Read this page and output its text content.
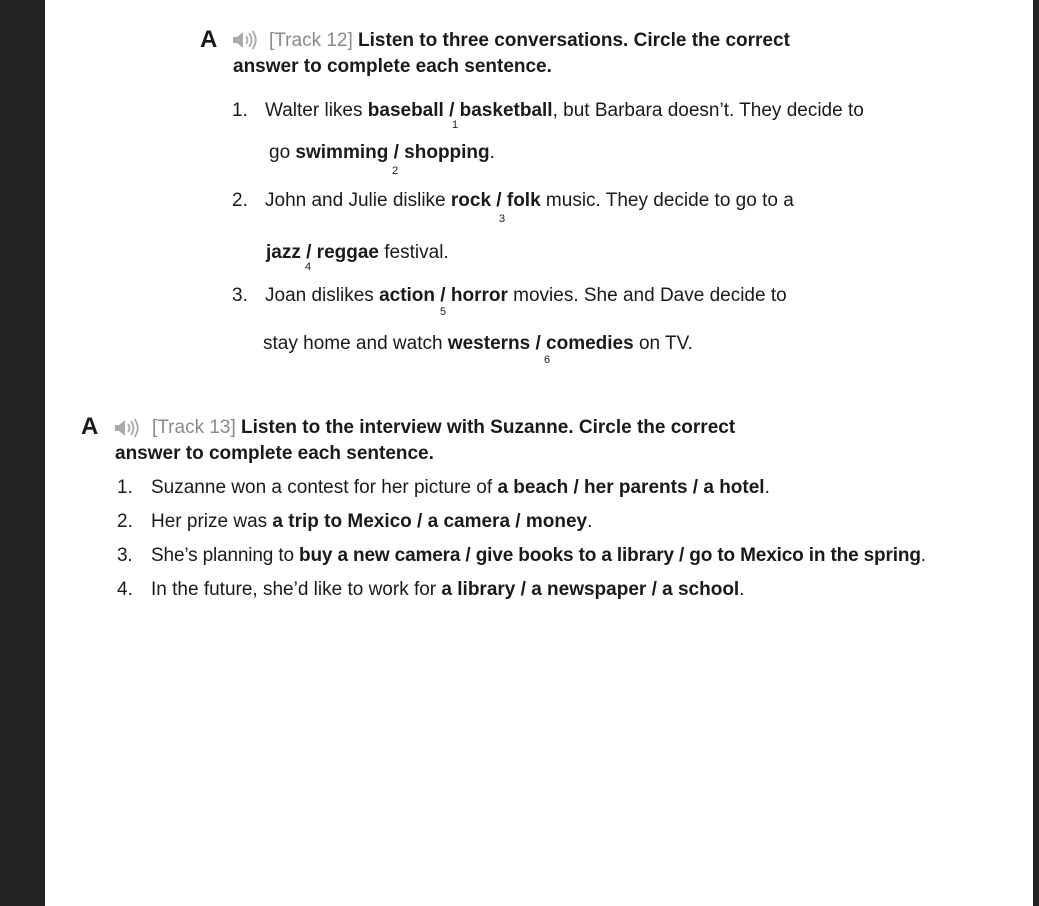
A	[Track 12] Listen to three conversations. Circle the correct
answer to complete each sentence.
1. Walter likes baseball / basketball, but Barbara doesn’t. They decide to
go swimming / shopping.
2. John and Julie dislike rock / folk music. They decide to go to a
jazz / reggae festival.
3. Joan dislikes action / horror movies. She and Dave decide to
stay home and watch westerns / comedies on TV.
1
2
3
4
5
6
A	[Track 13] Listen to the interview with Suzanne. Circle the correct
answer to complete each sentence.
1. Suzanne won a contest for her picture of a beach / her parents / a hotel.
2. Her prize was a trip to Mexico / a camera / money.
3. She’s planning to buy a new camera / give books to a library / go to Mexico in the spring.
4. In the future, she’d like to work for a library / a newspaper / a school.
